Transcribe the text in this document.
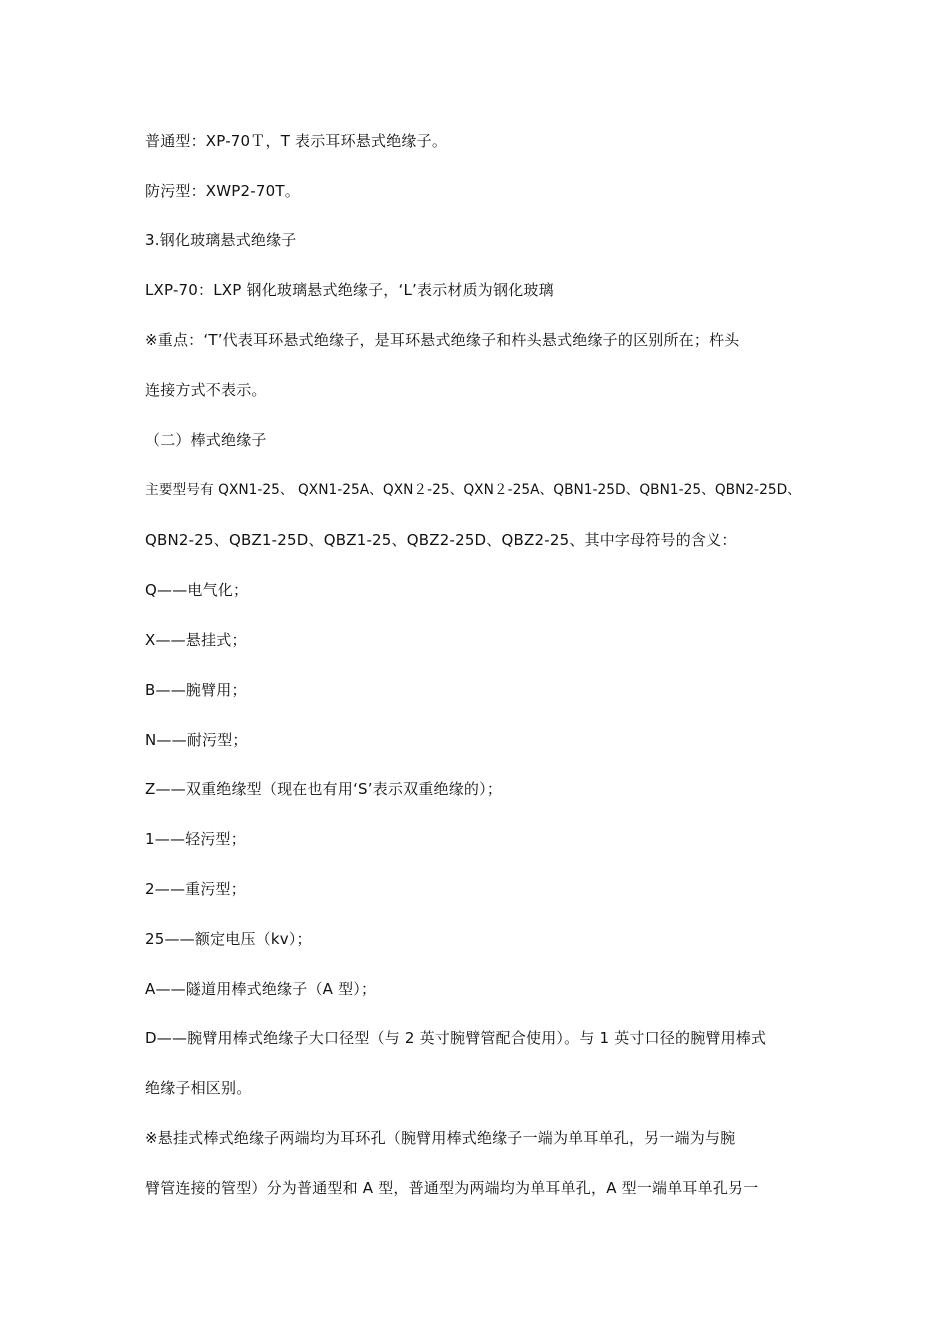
普通型：XP-70Ｔ，T 表示耳环悬式绝缘子。
防污型：XWP2-70T。
3.钢化玻璃悬式绝缘子
LXP-70：LXP 钢化玻璃悬式绝缘子，‘L’表示材质为钢化玻璃
※重点：‘T’代表耳环悬式绝缘子，是耳环悬式绝缘子和杵头悬式绝缘子的区别所在；杵头
连接方式不表示。
（二）棒式绝缘子
主要型号有 QXN1-25、 QXN1-25A、QXN２-25、QXN２-25A、QBN1-25D、QBN1-25、QBN2-25D、
QBN2-25、QBZ1-25D、QBZ1-25、QBZ2-25D、QBZ2-25、其中字母符号的含义：
Q——电气化；
X——悬挂式；
B——腕臂用；
N——耐污型；
Z——双重绝缘型（现在也有用‘S’表示双重绝缘的）；
1——轻污型；
2——重污型；
25——额定电压（kv）；
A——隧道用棒式绝缘子（A 型）；
D——腕臂用棒式绝缘子大口径型（与 2 英寸腕臂管配合使用）。与 1 英寸口径的腕臂用棒式
绝缘子相区别。
※悬挂式棒式绝缘子两端均为耳环孔（腕臂用棒式绝缘子一端为单耳单孔，另一端为与腕
臂管连接的管型）分为普通型和 A 型，普通型为两端均为单耳单孔，A 型一端单耳单孔另一
